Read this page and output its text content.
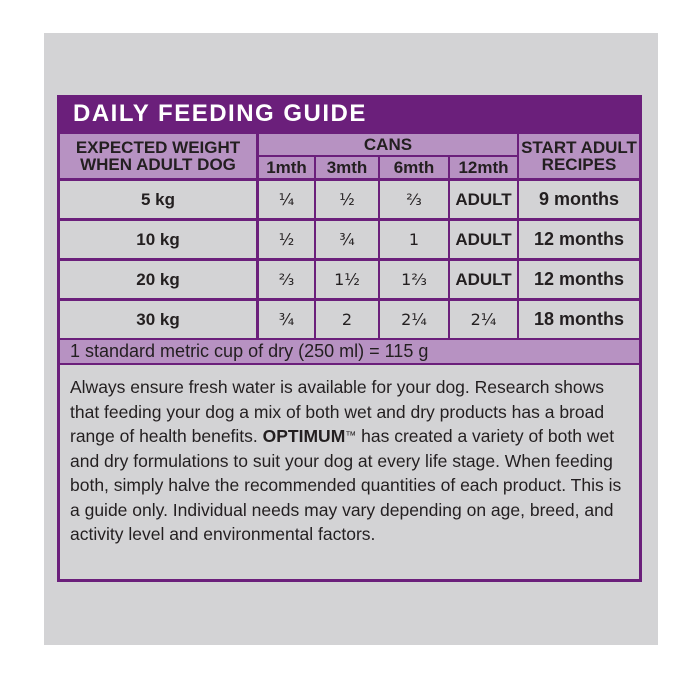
DAILY FEEDING GUIDE
EXPECTED WEIGHT
WHEN ADULT DOG
CANS
1mth	3mth	6mth	12mth
START ADULT
RECIPES
5 kg	¼	½	⅔	ADULT	9 months
10 kg	½	¾	1	ADULT	12 months
20 kg	⅔	1½	1⅔	ADULT	12 months
30 kg	¾	2	2¼	2¼	18 months
1 standard metric cup of dry (250 ml) = 115 g
Always ensure fresh water is available for your dog. Research shows that feeding your dog a mix of both wet and dry products has a broad range of health benefits. OPTIMUM™ has created a variety of both wet and dry formulations to suit your dog at every life stage. When feeding both, simply halve the recommended quantities of each product. This is a guide only. Individual needs may vary depending on age, breed, and activity level and environmental factors.
